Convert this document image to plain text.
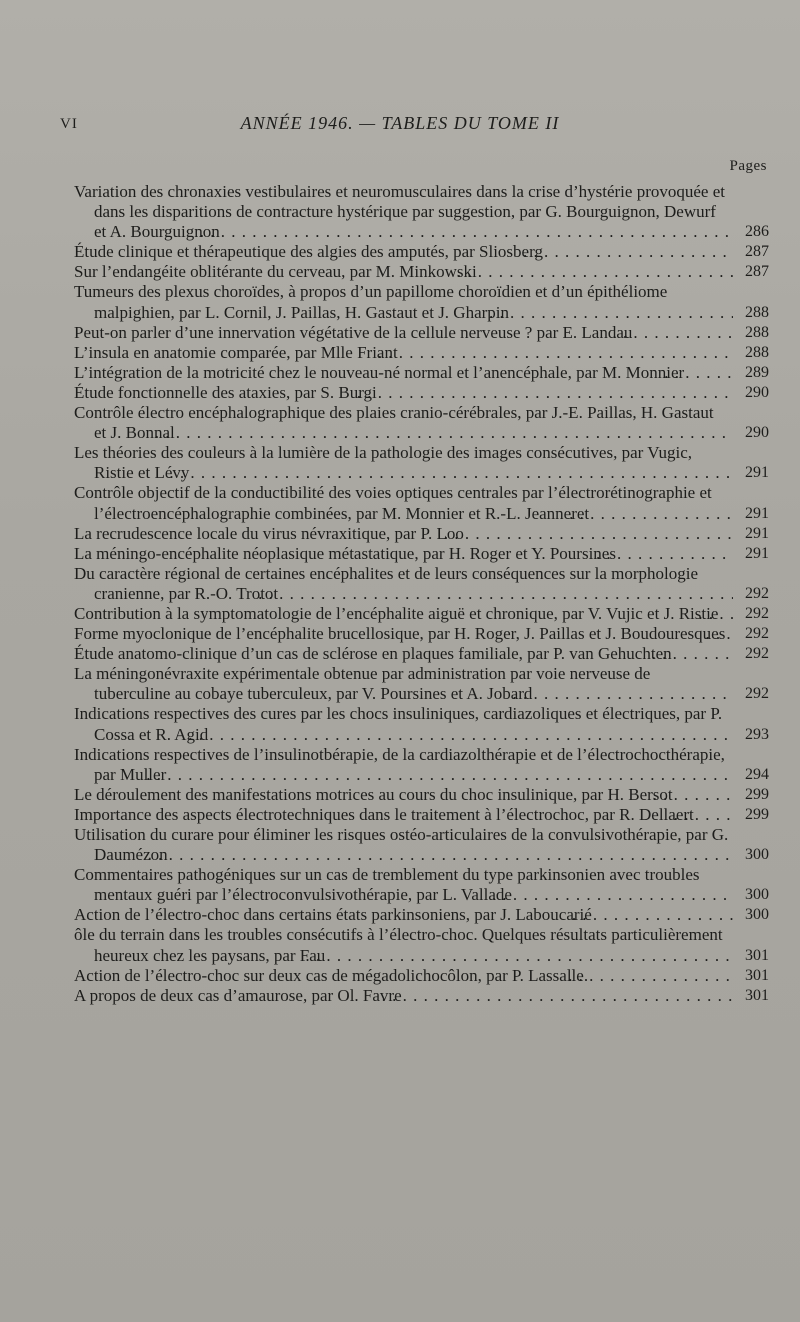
VI	ANNÉE 1946. — TABLES DU TOME II
Pages
Variation des chronaxies vestibulaires et neuromusculaires dans la crise d’hystérie provoquée et dans les disparitions de contracture hystérique par suggestion, par G. Bourguignon, Dewurf et A. Bourguignon . . .	286
Étude clinique et thérapeutique des algies des amputés, par Sliosberg . . .	287
Sur l’endangéite oblitérante du cerveau, par M. Minkowski . . .	287
Tumeurs des plexus choroïdes, à propos d’un papillome choroïdien et d’un épithéliome malpighien, par L. Cornil, J. Paillas, H. Gastaut et J. Gharpin . . .	288
Peut-on parler d’une innervation végétative de la cellule nerveuse ? par E. Landau . . .	288
L’insula en anatomie comparée, par Mlle Friant . . .	288
L’intégration de la motricité chez le nouveau-né normal et l’anencéphale, par M. Monnier . . .	289
Étude fonctionnelle des ataxies, par S. Burgi . . .	290
Contrôle électro encéphalographique des plaies cranio-cérébrales, par J.-E. Paillas, H. Gastaut et J. Bonnal . . .	290
Les théories des couleurs à la lumière de la pathologie des images consécutives, par Vugic, Ristie et Lévy . . .	291
Contrôle objectif de la conductibilité des voies optiques centrales par l’électrorétinographie et l’électroencéphalographie combinées, par M. Monnier et R.-L. Jeanneret . . .	291
La recrudescence locale du virus névraxitique, par P. Loo . . .	291
La méningo-encéphalite néoplasique métastatique, par H. Roger et Y. Poursines . . .	291
Du caractère régional de certaines encéphalites et de leurs conséquences sur la morphologie cranienne, par R.-O. Trotot . . .	292
Contribution à la symptomatologie de l’encéphalite aiguë et chronique, par V. Vujic et J. Ristie . . .	292
Forme myoclonique de l’encéphalite brucellosique, par H. Roger, J. Paillas et J. Boudouresques . . .	292
Étude anatomo-clinique d’un cas de sclérose en plaques familiale, par P. van Gehuchten . . .	292
La méningonévraxite expérimentale obtenue par administration par voie nerveuse de tuberculine au cobaye tuberculeux, par V. Poursines et A. Jobard . . .	292
Indications respectives des cures par les chocs insuliniques, cardiazoliques et électriques, par P. Cossa et R. Agid . . .	293
Indications respectives de l’insulinotbérapie, de la cardiazolthérapie et de l’électrochocthérapie, par Muller . . .	294
Le déroulement des manifestations motrices au cours du choc insulinique, par H. Bersot . . .	299
Importance des aspects électrotechniques dans le traitement à l’électrochoc, par R. Dellaert . . .	299
Utilisation du curare pour éliminer les risques ostéo-articulaires de la convulsivothérapie, par G. Daumézon . . .	300
Commentaires pathogéniques sur un cas de tremblement du type parkinsonien avec troubles mentaux guéri par l’électroconvulsivothérapie, par L. Vallade . . .	300
Action de l’électro-choc dans certains états parkinsoniens, par J. Laboucarié . . .	300
ôle du terrain dans les troubles consécutifs à l’électro-choc. Quelques résultats particulièrement heureux chez les paysans, par Fau . . .	301
Action de l’électro-choc sur deux cas de mégadolichocôlon, par P. Lassalle. . . .	301
A propos de deux cas d’amaurose, par Ol. Favre . . .	301
